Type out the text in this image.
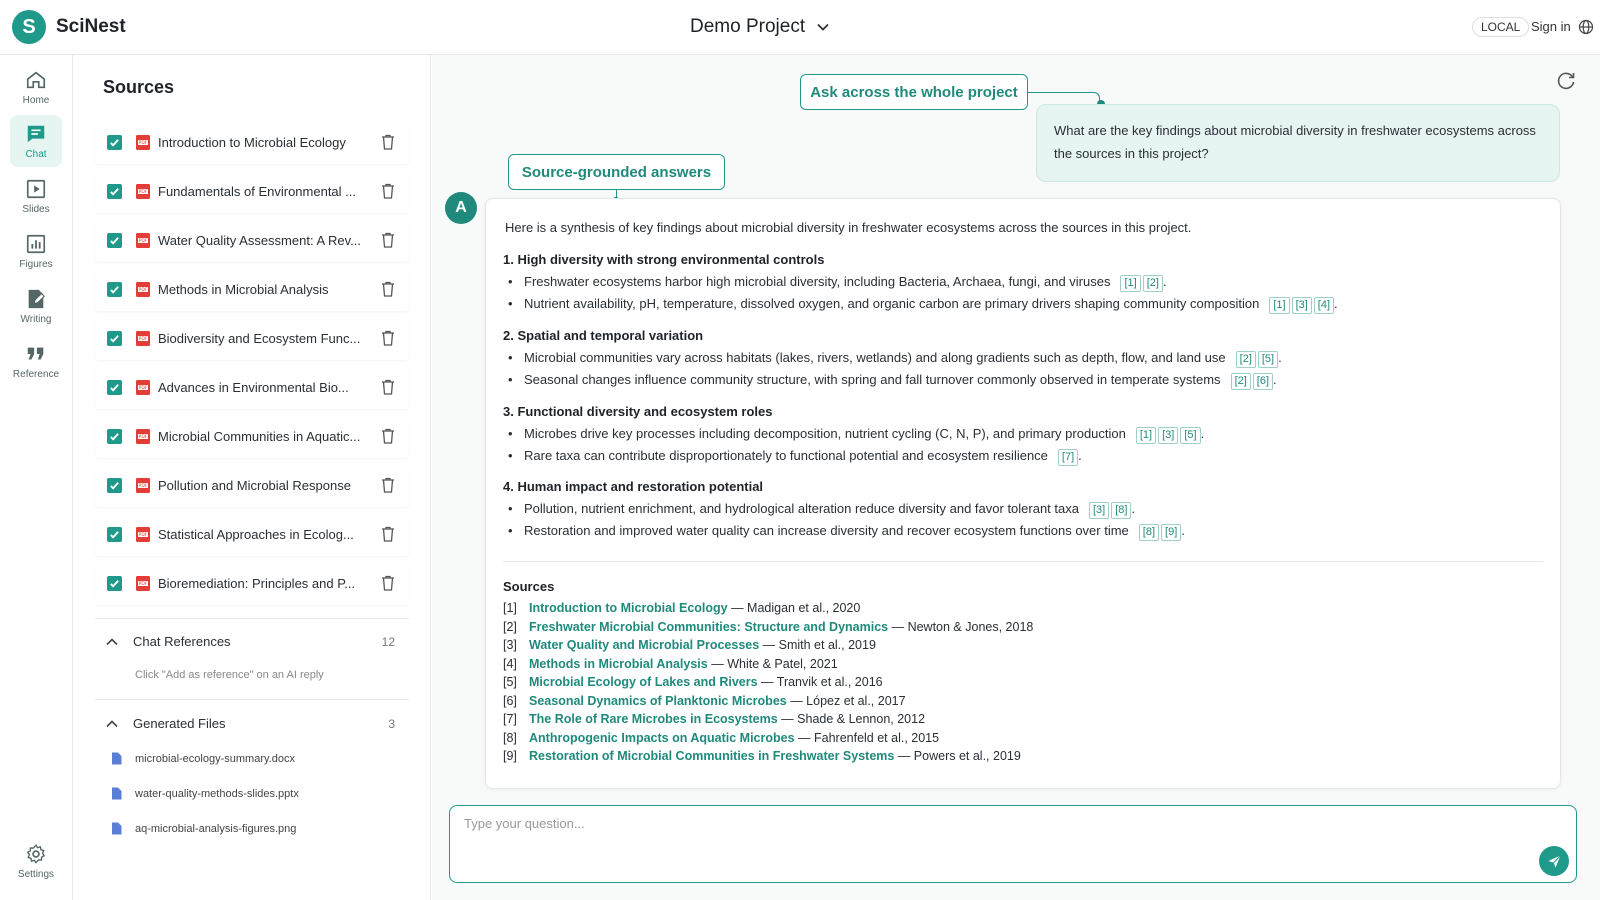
S SciNest	Demo Project	LOCAL Sign in
Home
Chat
Slides
Figures
Writing
Reference
Settings
Sources
PDF Introduction to Microbial Ecology
PDF Fundamentals of Environmental ...
PDF Water Quality Assessment: A Rev...
PDF Methods in Microbial Analysis
PDF Biodiversity and Ecosystem Func...
PDF Advances in Environmental Bio...
PDF Microbial Communities in Aquatic...
PDF Pollution and Microbial Response
PDF Statistical Approaches in Ecolog...
PDF Bioremediation: Principles and P...
Chat References	12
Click "Add as reference" on an AI reply
Generated Files	3
microbial-ecology-summary.docx
water-quality-methods-slides.pptx
aq-microbial-analysis-figures.png
Ask across the whole project
Source-grounded answers
What are the key findings about microbial diversity in freshwater ecosystems across the sources in this project?
A
Here is a synthesis of key findings about microbial diversity in freshwater ecosystems across the sources in this project.
1. High diversity with strong environmental controls
• Freshwater ecosystems harbor high microbial diversity, including Bacteria, Archaea, fungi, and viruses [1] [2] .
• Nutrient availability, pH, temperature, dissolved oxygen, and organic carbon are primary drivers shaping community composition [1] [3] [4] .
2. Spatial and temporal variation
• Microbial communities vary across habitats (lakes, rivers, wetlands) and along gradients such as depth, flow, and land use [2] [5] .
• Seasonal changes influence community structure, with spring and fall turnover commonly observed in temperate systems [2] [6] .
3. Functional diversity and ecosystem roles
• Microbes drive key processes including decomposition, nutrient cycling (C, N, P), and primary production [1] [3] [5] .
• Rare taxa can contribute disproportionately to functional potential and ecosystem resilience [7] .
4. Human impact and restoration potential
• Pollution, nutrient enrichment, and hydrological alteration reduce diversity and favor tolerant taxa [3] [8] .
• Restoration and improved water quality can increase diversity and recover ecosystem functions over time [8] [9] .
Sources
[1] Introduction to Microbial Ecology — Madigan et al., 2020
[2] Freshwater Microbial Communities: Structure and Dynamics — Newton & Jones, 2018
[3] Water Quality and Microbial Processes — Smith et al., 2019
[4] Methods in Microbial Analysis — White & Patel, 2021
[5] Microbial Ecology of Lakes and Rivers — Tranvik et al., 2016
[6] Seasonal Dynamics of Planktonic Microbes — López et al., 2017
[7] The Role of Rare Microbes in Ecosystems — Shade & Lennon, 2012
[8] Anthropogenic Impacts on Aquatic Microbes — Fahrenfeld et al., 2015
[9] Restoration of Microbial Communities in Freshwater Systems — Powers et al., 2019
Type your question...
